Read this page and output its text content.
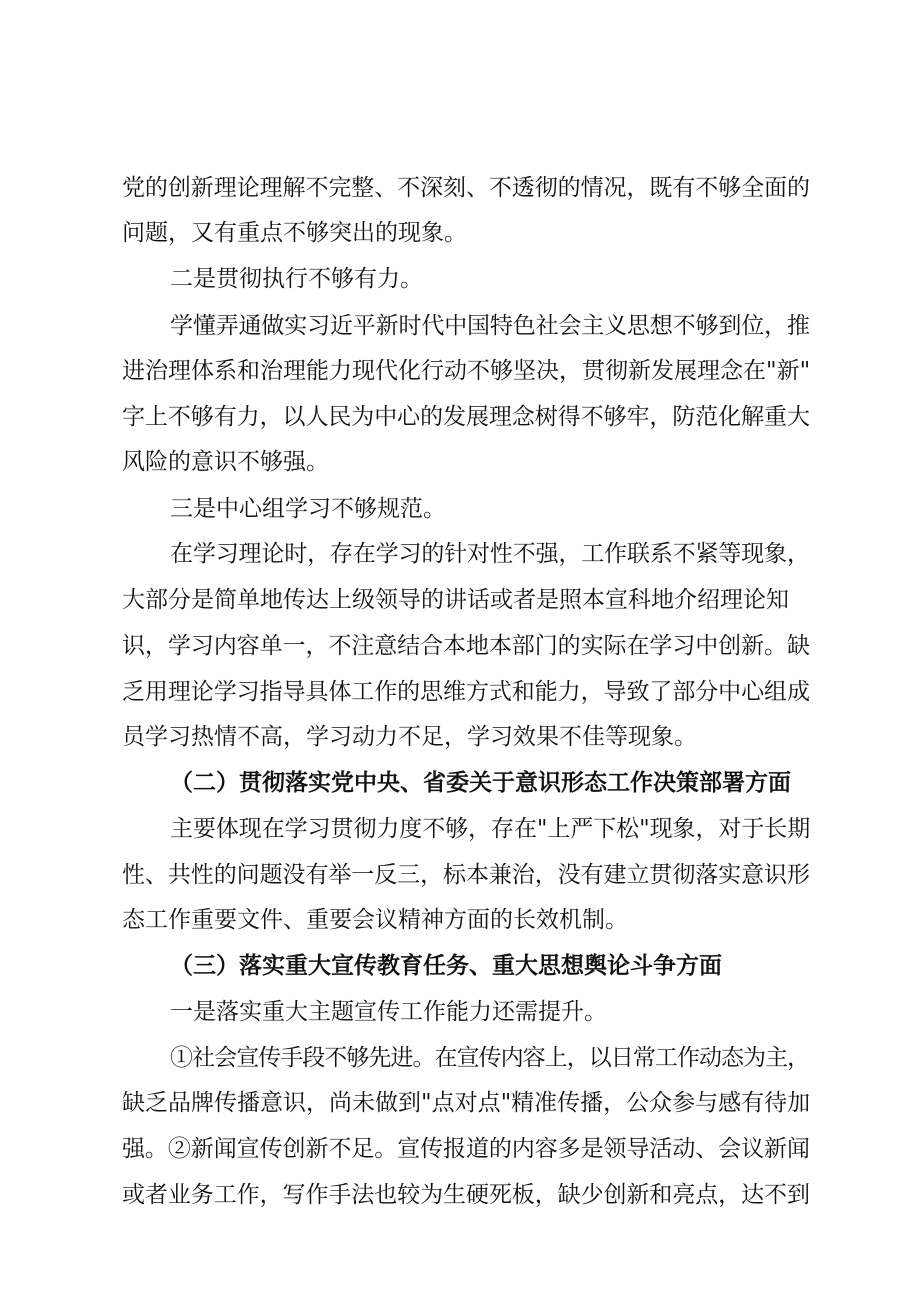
党的创新理论理解不完整、不深刻、不透彻的情况，既有不够全面的
问题，又有重点不够突出的现象。
二是贯彻执行不够有力。
学懂弄通做实习近平新时代中国特色社会主义思想不够到位，推
进治理体系和治理能力现代化行动不够坚决，贯彻新发展理念在"新"
字上不够有力，以人民为中心的发展理念树得不够牢，防范化解重大
风险的意识不够强。
三是中心组学习不够规范。
在学习理论时，存在学习的针对性不强，工作联系不紧等现象，
大部分是简单地传达上级领导的讲话或者是照本宣科地介绍理论知
识，学习内容单一，不注意结合本地本部门的实际在学习中创新。缺
乏用理论学习指导具体工作的思维方式和能力，导致了部分中心组成
员学习热情不高，学习动力不足，学习效果不佳等现象。
（二）贯彻落实党中央、省委关于意识形态工作决策部署方面
主要体现在学习贯彻力度不够，存在"上严下松"现象，对于长期
性、共性的问题没有举一反三，标本兼治，没有建立贯彻落实意识形
态工作重要文件、重要会议精神方面的长效机制。
（三）落实重大宣传教育任务、重大思想舆论斗争方面
一是落实重大主题宣传工作能力还需提升。
①社会宣传手段不够先进。在宣传内容上，以日常工作动态为主，
缺乏品牌传播意识，尚未做到"点对点"精准传播，公众参与感有待加
强。②新闻宣传创新不足。宣传报道的内容多是领导活动、会议新闻
或者业务工作，写作手法也较为生硬死板，缺少创新和亮点，达不到
